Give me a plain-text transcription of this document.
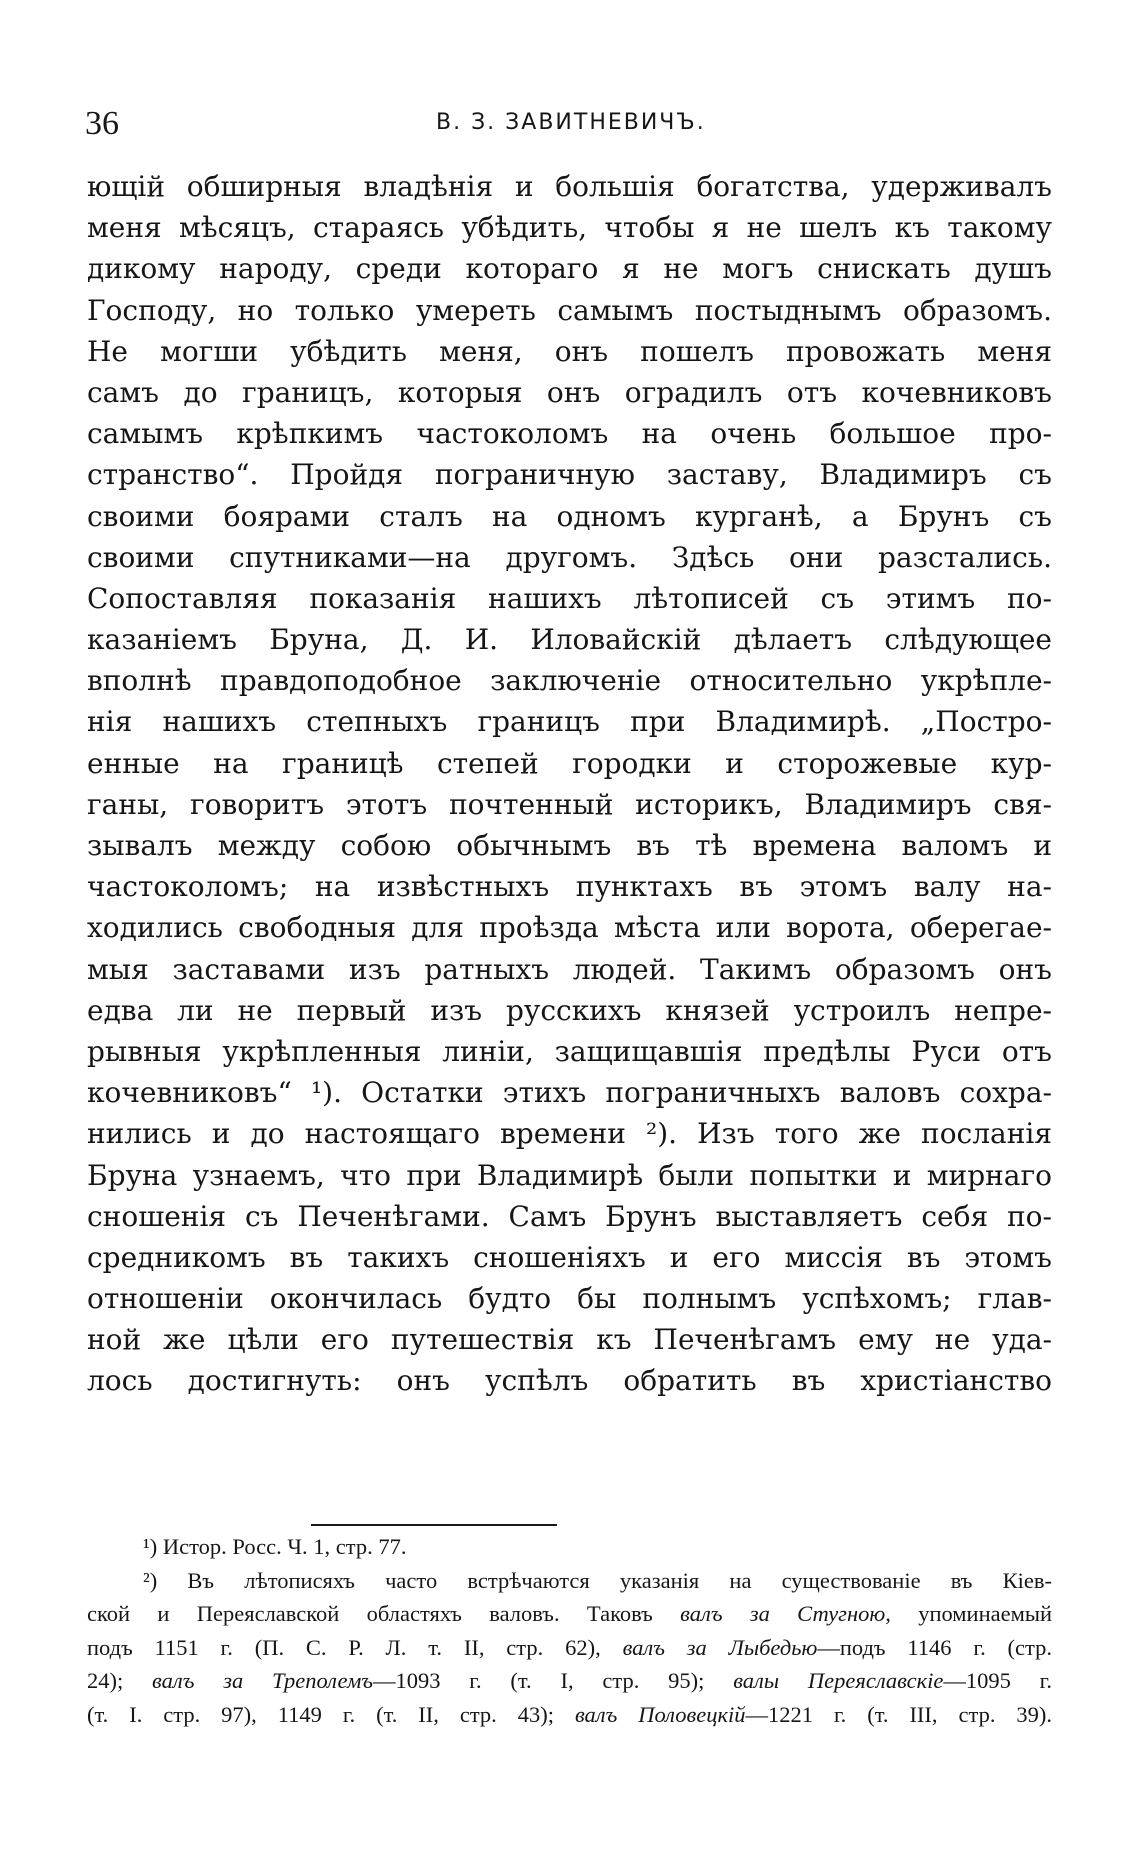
36	В. З. ЗАВИТНЕВИЧЪ.
ющій обширныя владѣнія и большія богатства, удерживалъ
меня мѣсяцъ, стараясь убѣдить, чтобы я не шелъ къ такому
дикому народу, среди котораго я не могъ снискать душъ
Господу, но только умереть самымъ постыднымъ образомъ.
Не могши убѣдить меня, онъ пошелъ провожать меня
самъ до границъ, которыя онъ оградилъ отъ кочевниковъ
самымъ крѣпкимъ частоколомъ на очень большое про-
странство“. Пройдя пограничную заставу, Владимиръ съ
своими боярами сталъ на одномъ курганѣ, а Брунъ съ
своими спутниками—на другомъ. Здѣсь они разстались.
Сопоставляя показанія нашихъ лѣтописей съ этимъ по-
казаніемъ Бруна, Д. И. Иловайскій дѣлаетъ слѣдующее
вполнѣ правдоподобное заключеніе относительно укрѣпле-
нія нашихъ степныхъ границъ при Владимирѣ. „Постро-
енные на границѣ степей городки и сторожевые кур-
ганы, говоритъ этотъ почтенный историкъ, Владимиръ свя-
зывалъ между собою обычнымъ въ тѣ времена валомъ и
частоколомъ; на извѣстныхъ пунктахъ въ этомъ валу на-
ходились свободныя для проѣзда мѣста или ворота, оберегае-
мыя заставами изъ ратныхъ людей. Такимъ образомъ онъ
едва ли не первый изъ русскихъ князей устроилъ непре-
рывныя укрѣпленныя линіи, защищавшія предѣлы Руси отъ
кочевниковъ“ ¹). Остатки этихъ пограничныхъ валовъ сохра-
нились и до настоящаго времени ²). Изъ того же посланія
Бруна узнаемъ, что при Владимирѣ были попытки и мирнаго
сношенія съ Печенѣгами. Самъ Брунъ выставляетъ себя по-
средникомъ въ такихъ сношеніяхъ и его миссія въ этомъ
отношеніи окончилась будто бы полнымъ успѣхомъ; глав-
ной же цѣли его путешествія къ Печенѣгамъ ему не уда-
лось достигнуть: онъ успѣлъ обратить въ христіанство
¹) Истор. Росс. Ч. 1, стр. 77.
²) Въ лѣтописяхъ часто встрѣчаются указанія на существованіе въ Кіев-
ской и Переяславской областяхъ валовъ. Таковъ валъ за Стугною, упоминаемый
подъ 1151 г. (П. С. Р. Л. т. II, стр. 62), валъ за Лыбедью—подъ 1146 г. (стр.
24); валъ за Треполемъ—1093 г. (т. I, стр. 95); валы Переяславскіе—1095 г.
(т. I. стр. 97), 1149 г. (т. II, стр. 43); валъ Половецкій—1221 г. (т. III, стр. 39).
